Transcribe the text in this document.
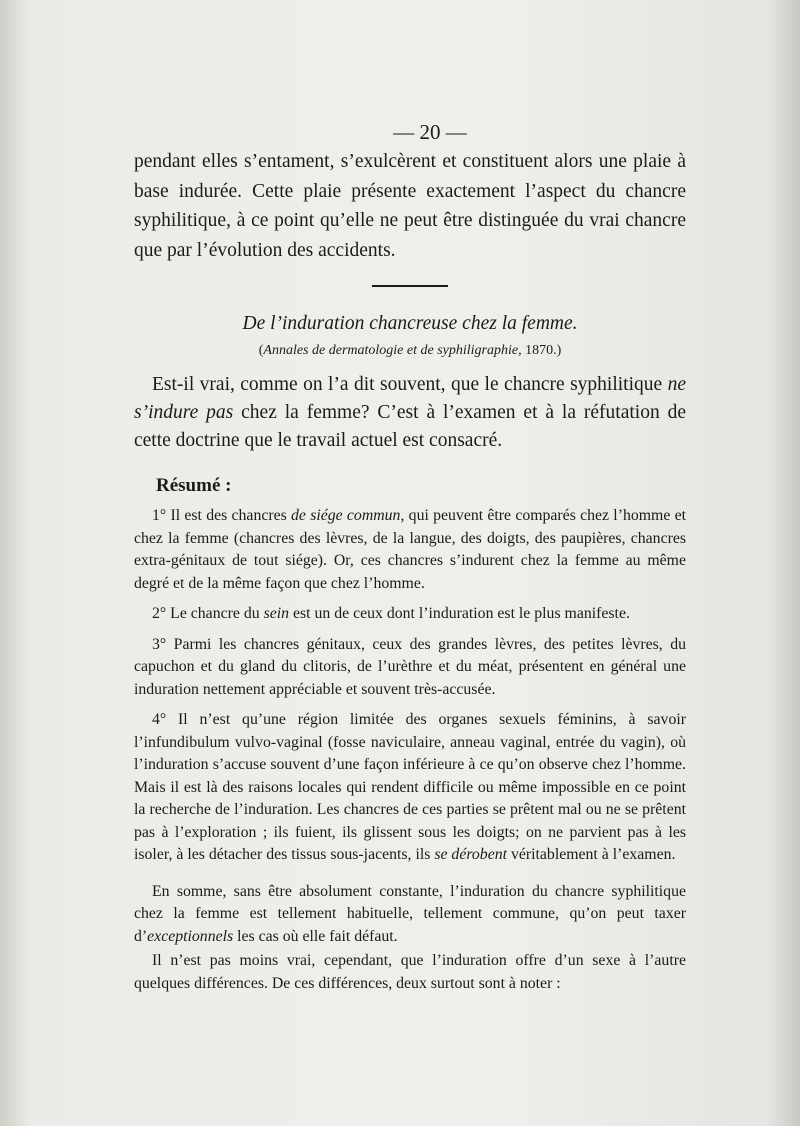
— 20 —

pendant elles s’entament, s’exulcèrent et constituent alors une plaie à base indurée. Cette plaie présente exactement l’aspect du chancre syphilitique, à ce point qu’elle ne peut être distinguée du vrai chancre que par l’évolution des accidents.

De l’induration chancreuse chez la femme.

(Annales de dermatologie et de syphiligraphie, 1870.)

Est-il vrai, comme on l’a dit souvent, que le chancre syphilitique ne s’indure pas chez la femme? C’est à l’examen et à la réfutation de cette doctrine que le travail actuel est consacré.

Résumé :

1° Il est des chancres de siége commun, qui peuvent être comparés chez l’homme et chez la femme (chancres des lèvres, de la langue, des doigts, des paupières, chancres extra-génitaux de tout siége). Or, ces chancres s’indurent chez la femme au même degré et de la même façon que chez l’homme.

2° Le chancre du sein est un de ceux dont l’induration est le plus manifeste.

3° Parmi les chancres génitaux, ceux des grandes lèvres, des petites lèvres, du capuchon et du gland du clitoris, de l’urèthre et du méat, présentent en général une induration nettement appréciable et souvent très-accusée.

4° Il n’est qu’une région limitée des organes sexuels féminins, à savoir l’infundibulum vulvo-vaginal (fosse naviculaire, anneau vaginal, entrée du vagin), où l’induration s’accuse souvent d’une façon inférieure à ce qu’on observe chez l’homme. Mais il est là des raisons locales qui rendent difficile ou même impossible en ce point la recherche de l’induration. Les chancres de ces parties se prêtent mal ou ne se prêtent pas à l’exploration ; ils fuient, ils glissent sous les doigts; on ne parvient pas à les isoler, à les détacher des tissus sous-jacents, ils se dérobent véritablement à l’examen.

En somme, sans être absolument constante, l’induration du chancre syphilitique chez la femme est tellement habituelle, tellement commune, qu’on peut taxer d’exceptionnels les cas où elle fait défaut.

Il n’est pas moins vrai, cependant, que l’induration offre d’un sexe à l’autre quelques différences. De ces différences, deux surtout sont à noter :
